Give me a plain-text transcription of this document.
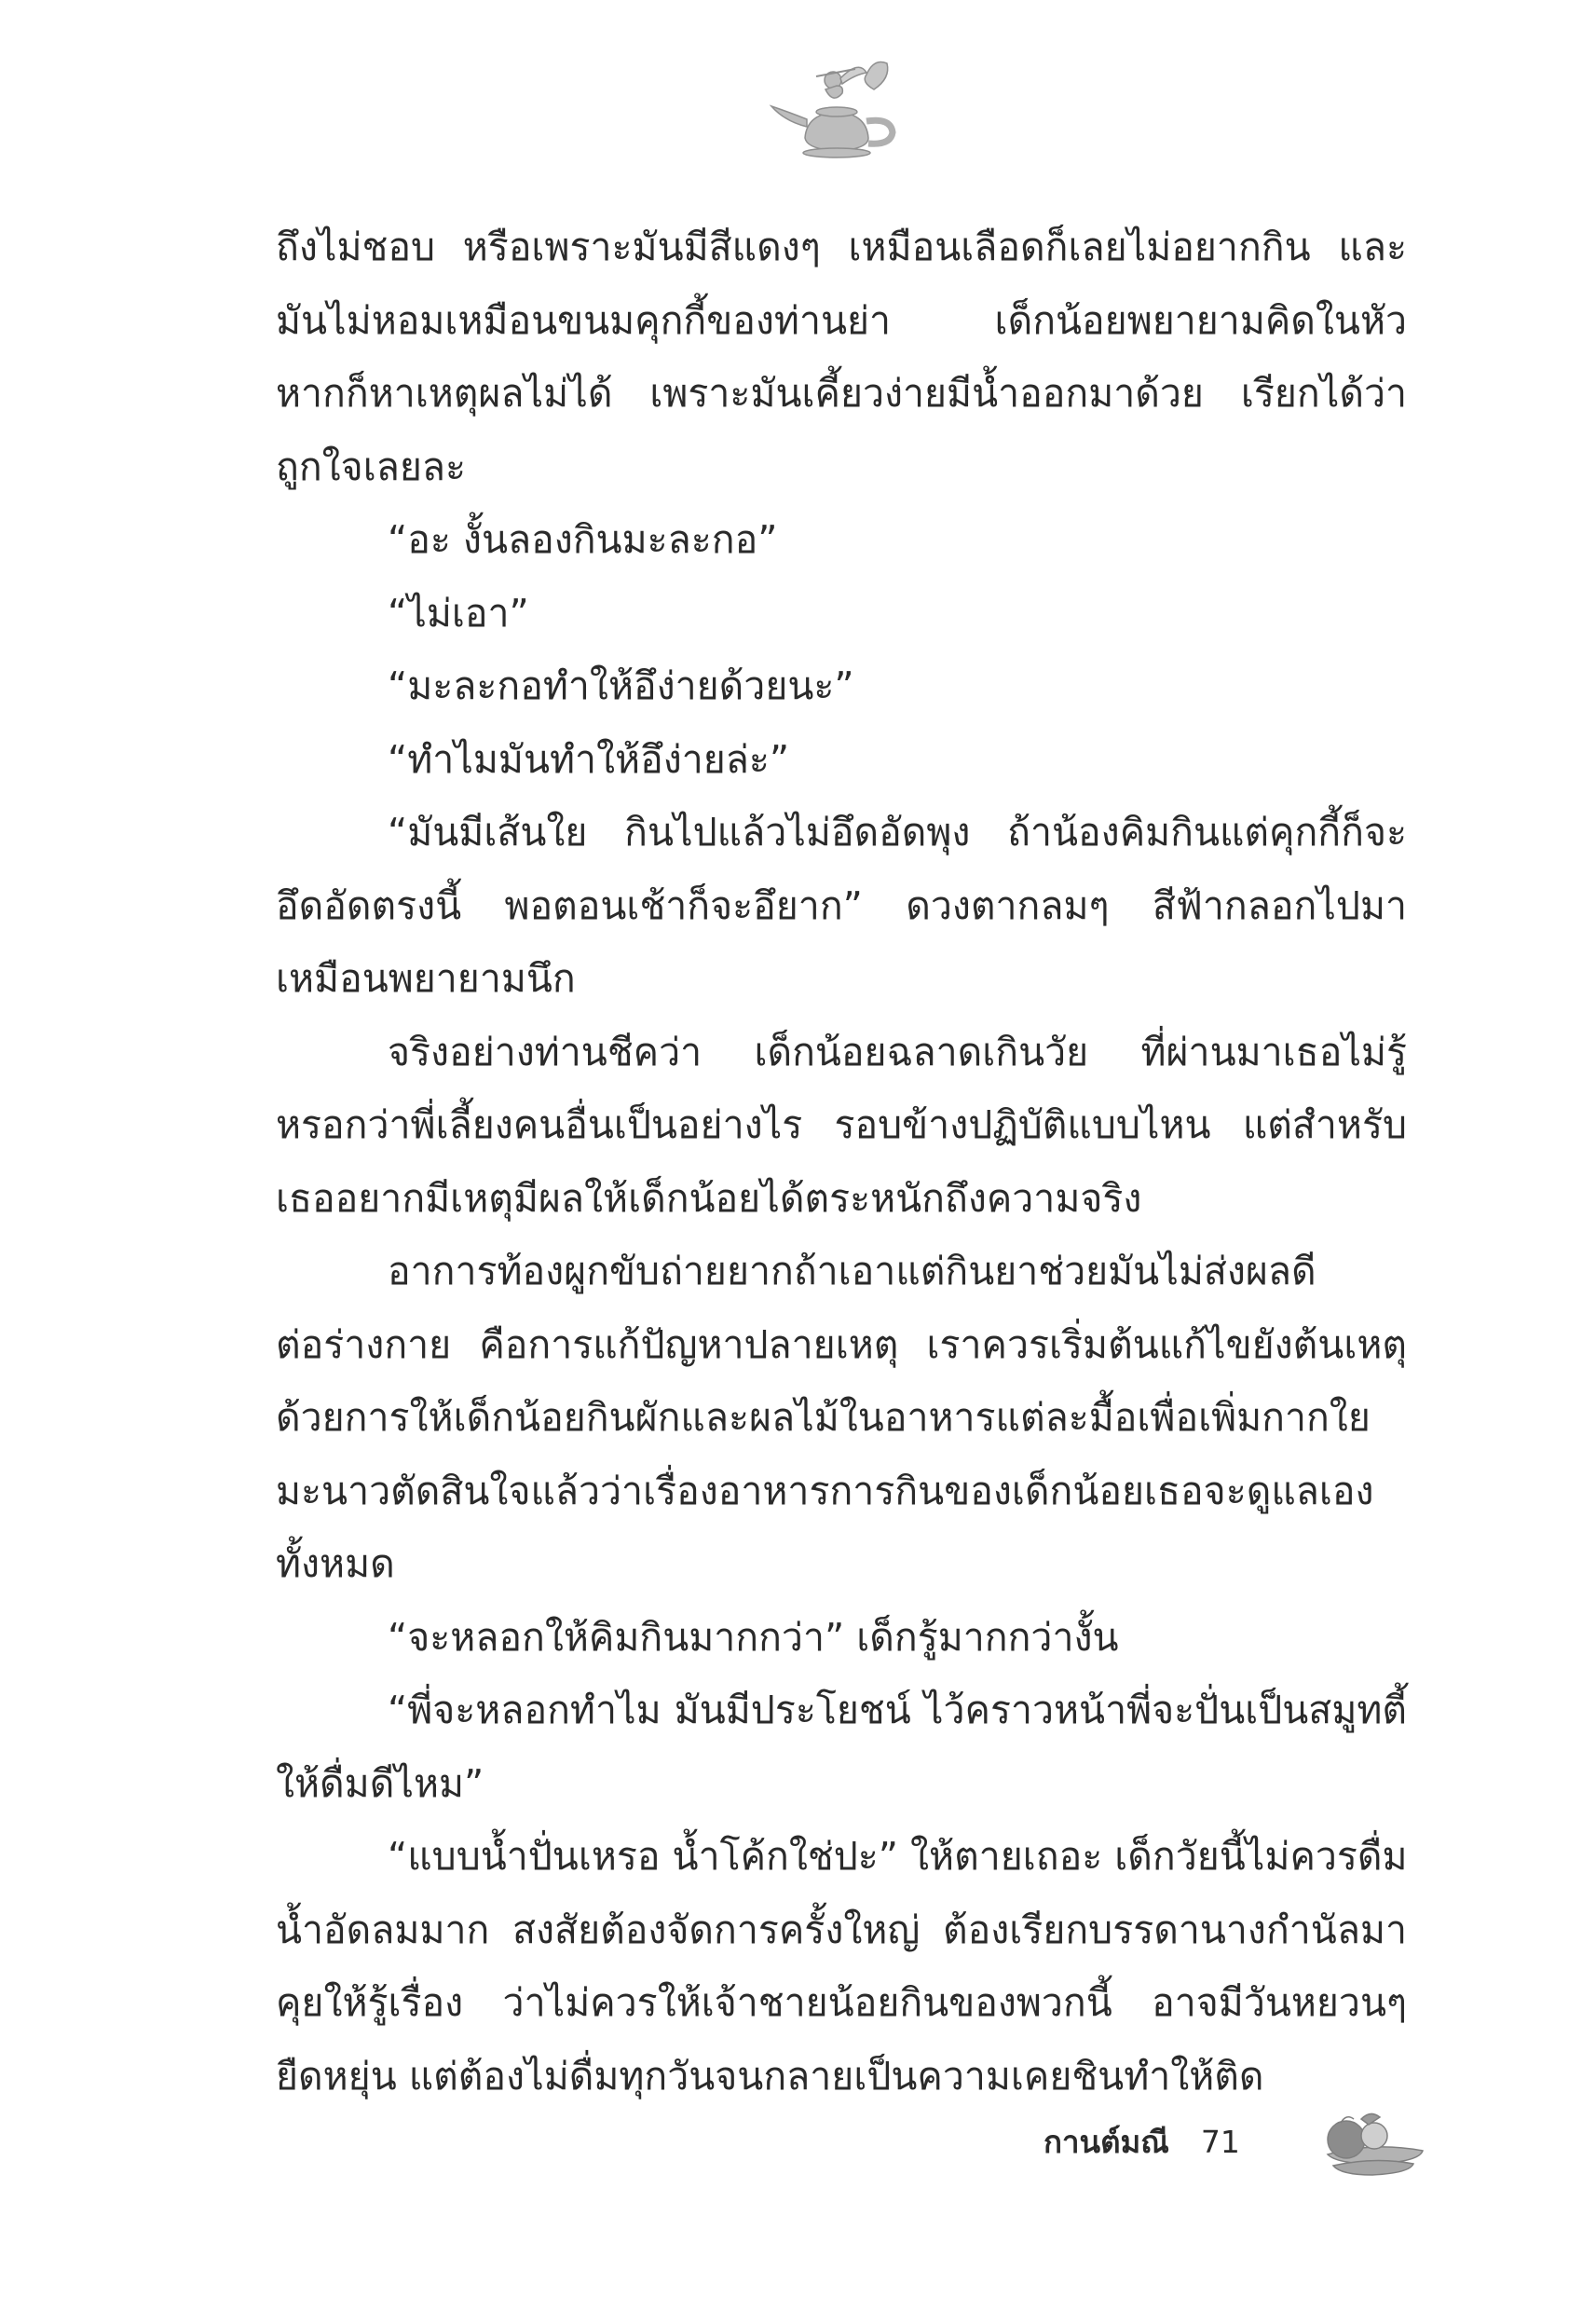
ถึงไม่ชอบ หรือเพราะมันมีสีแดงๆ เหมือนเลือดก็เลยไม่อยากกิน และ
มันไม่หอมเหมือนขนมคุกกี้ของท่านย่า เด็กน้อยพยายามคิดในหัว
หากก็หาเหตุผลไม่ได้ เพราะมันเคี้ยวง่ายมีน้ำออกมาด้วย เรียกได้ว่า
ถูกใจเลยละ
“อะ งั้นลองกินมะละกอ”
“ไม่เอา”
“มะละกอทำให้อึง่ายด้วยนะ”
“ทำไมมันทำให้อึง่ายล่ะ”
“มันมีเส้นใย กินไปแล้วไม่อึดอัดพุง ถ้าน้องคิมกินแต่คุกกี้ก็จะ
อึดอัดตรงนี้ พอตอนเช้าก็จะอึยาก” ดวงตากลมๆ สีฟ้ากลอกไปมา
เหมือนพยายามนึก
จริงอย่างท่านชีคว่า เด็กน้อยฉลาดเกินวัย ที่ผ่านมาเธอไม่รู้
หรอกว่าพี่เลี้ยงคนอื่นเป็นอย่างไร รอบข้างปฏิบัติแบบไหน แต่สำหรับ
เธออยากมีเหตุมีผลให้เด็กน้อยได้ตระหนักถึงความจริง
อาการท้องผูกขับถ่ายยากถ้าเอาแต่กินยาช่วยมันไม่ส่งผลดี
ต่อร่างกาย คือการแก้ปัญหาปลายเหตุ เราควรเริ่มต้นแก้ไขยังต้นเหตุ
ด้วยการให้เด็กน้อยกินผักและผลไม้ในอาหารแต่ละมื้อเพื่อเพิ่มกากใย
มะนาวตัดสินใจแล้วว่าเรื่องอาหารการกินของเด็กน้อยเธอจะดูแลเอง
ทั้งหมด
“จะหลอกให้คิมกินมากกว่า” เด็กรู้มากกว่างั้น
“พี่จะหลอกทำไม มันมีประโยชน์ ไว้คราวหน้าพี่จะปั่นเป็นสมูทตี้
ให้ดื่มดีไหม”
“แบบน้ำปั่นเหรอ น้ำโค้กใช่ปะ” ให้ตายเถอะ เด็กวัยนี้ไม่ควรดื่ม
น้ำอัดลมมาก สงสัยต้องจัดการครั้งใหญ่ ต้องเรียกบรรดานางกำนัลมา
คุยให้รู้เรื่อง ว่าไม่ควรให้เจ้าชายน้อยกินของพวกนี้ อาจมีวันหยวนๆ
ยืดหยุ่น แต่ต้องไม่ดื่มทุกวันจนกลายเป็นความเคยชินทำให้ติด
กานต์มณี 71
